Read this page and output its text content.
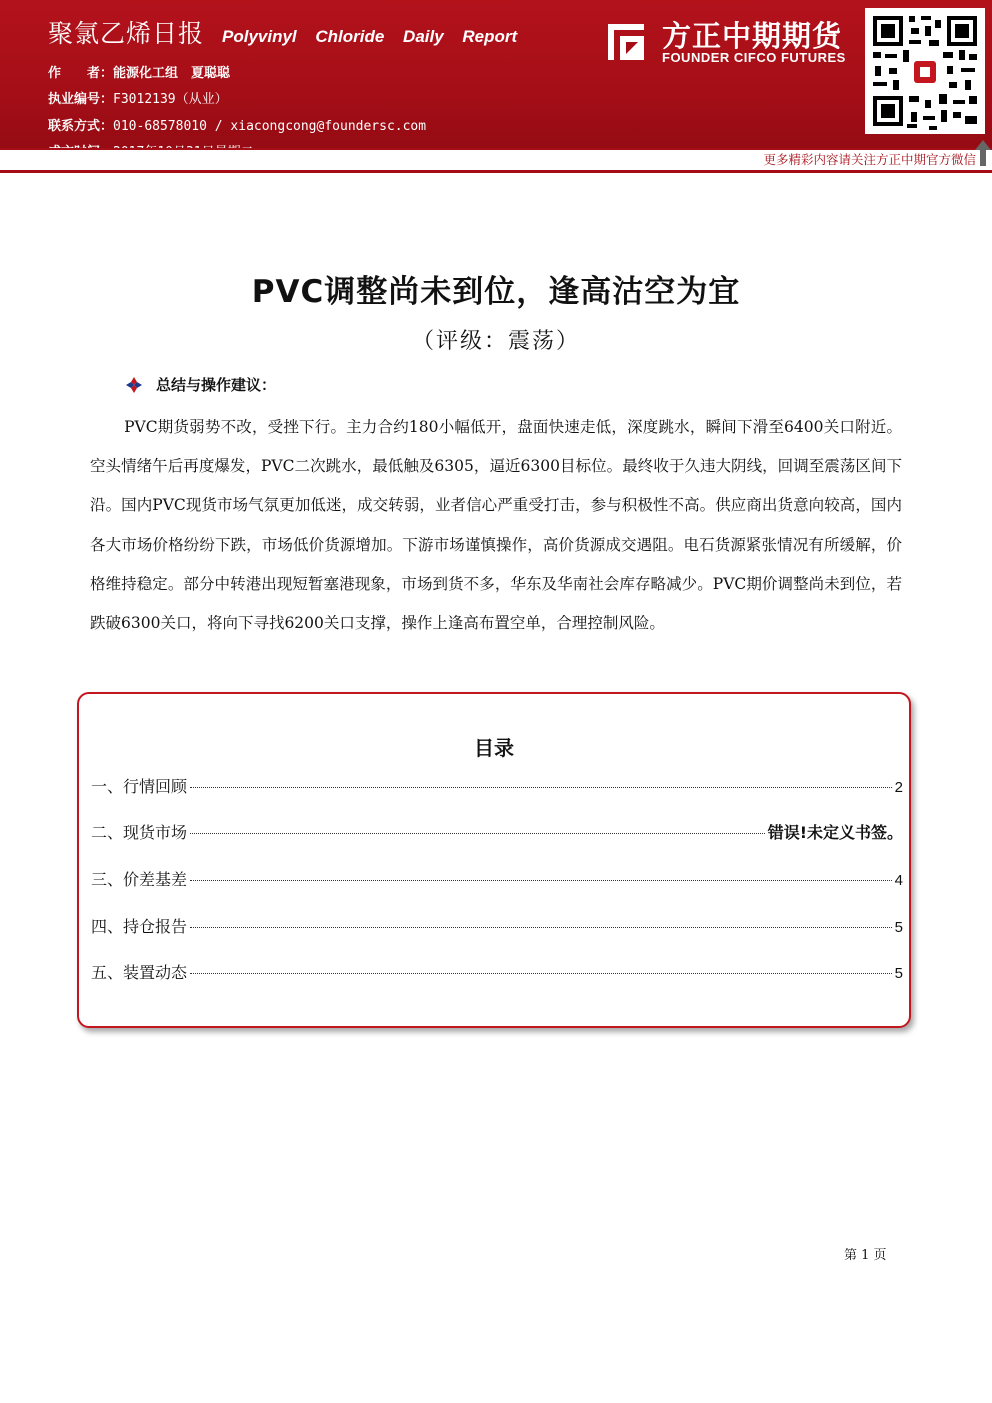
聚氯乙烯日报 Polyvinyl Chloride Daily Report
作　　者：能源化工组　夏聪聪
执业编号：F3012139（从业）
联系方式：010-68578010 / xiacongcong@foundersc.com
方正中期期货
FOUNDER CIFCO FUTURES
更多精彩内容请关注方正中期官方微信
PVC调整尚未到位，逢高沽空为宜
（评级：震荡）
总结与操作建议：

PVC期货弱势不改，受挫下行。主力合约180小幅低开，盘面快速走低，深度跳水，瞬间下滑至6400关口附近。空头情绪午后再度爆发，PVC二次跳水，最低触及6305，逼近6300目标位。最终收于久违大阴线，回调至震荡区间下沿。国内PVC现货市场气氛更加低迷，成交转弱，业者信心严重受打击，参与积极性不高。供应商出货意向较高，国内各大市场价格纷纷下跌，市场低价货源增加。下游市场谨慎操作，高价货源成交遇阻。电石货源紧张情况有所缓解，价格维持稳定。部分中转港出现短暂塞港现象，市场到货不多，华东及华南社会库存略减少。PVC期价调整尚未到位，若跌破6300关口，将向下寻找6200关口支撑，操作上逢高布置空单，合理控制风险。

目录
一、行情回顾	2
二、现货市场	错误!未定义书签。
三、价差基差	4
四、持仓报告	5
五、装置动态	5
第 1 页
